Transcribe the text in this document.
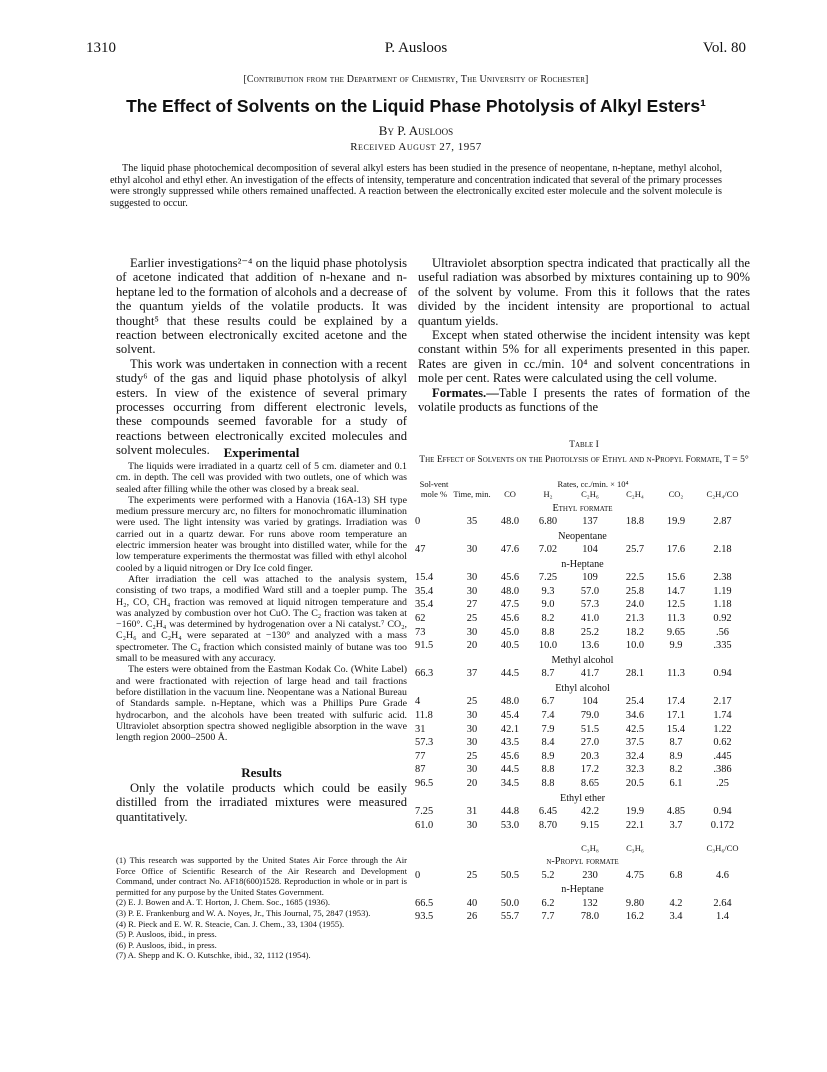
1310	P. Ausloos	Vol. 80
[Contribution from the Department of Chemistry, The University of Rochester]
The Effect of Solvents on the Liquid Phase Photolysis of Alkyl Esters¹
By P. Ausloos
Received August 27, 1957

The liquid phase photochemical decomposition of several alkyl esters has been studied in the presence of neopentane, n-heptane, methyl alcohol, ethyl alcohol and ethyl ether. An investigation of the effects of intensity, temperature and concentration indicated that several of the primary processes were strongly suppressed while others remained unaffected. A reaction between the electronically excited ester molecule and the solvent molecule is suggested to occur.

Earlier investigations²⁻⁴ on the liquid phase photolysis of acetone indicated that addition of n-hexane and n-heptane led to the formation of alcohols and a decrease of the quantum yields of the volatile products. It was thought⁵ that these results could be explained by a reaction between electronically excited acetone and the solvent.

This work was undertaken in connection with a recent study⁶ of the gas and liquid phase photolysis of alkyl esters. In view of the existence of several primary processes occurring from different electronic levels, these compounds seemed favorable for a study of reactions between electronically excited molecules and solvent molecules.	Experimental

The liquids were irradiated in a quartz cell of 5 cm. diameter and 0.1 cm. in depth. The cell was provided with two outlets, one of which was sealed after filling while the other was closed by a break seal.

The experiments were performed with a Hanovia (16A-13) SH type medium pressure mercury arc, no filters for monochromatic illumination were used. The light intensity was varied by gratings. Irradiation was carried out in a quartz dewar. For runs above room temperature an electric immersion heater was brought into distilled water, while for the low temperature experiments the thermostat was filled with ethyl alcohol cooled by a liquid nitrogen or Dry Ice cold finger.

After irradiation the cell was attached to the analysis system, consisting of two traps, a modified Ward still and a toepler pump. The H₂, CO, CH₄ fraction was removed at liquid nitrogen temperature and was analyzed by combustion over hot CuO. The C₂ fraction was taken at −160°. C₂H₄ was determined by hydrogenation over a Ni catalyst.⁷ CO₂, C₂H₆ and C₂H₄ were separated at −130° and analyzed with a mass spectrometer. The C₄ fraction which consisted mainly of butane was too small to be measured with any accuracy.

The esters were obtained from the Eastman Kodak Co. (White Label) and were fractionated with rejection of large head and tail fractions before distillation in the vacuum line. Neopentane was a National Bureau of Standards sample. n-Heptane, which was a Phillips Pure Grade hydrocarbon, and the alcohols have been treated with sulfuric acid. Ultraviolet absorption spectra showed negligible absorption in the wave length region 2000–2500 Å.

Results

Only the volatile products which could be easily distilled from the irradiated mixtures were measured quantitatively.

(1) This research was supported by the United States Air Force through the Air Force Office of Scientific Research of the Air Research and Development Command, under contract No. AF18(600)1528. Reproduction in whole or in part is permitted for any purpose by the United States Government.

(2) E. J. Bowen and A. T. Horton, J. Chem. Soc., 1685 (1936).

(3) P. E. Frankenburg and W. A. Noyes, Jr., This Journal, 75, 2847 (1953).

(4) R. Pieck and E. W. R. Steacie, Can. J. Chem., 33, 1304 (1955).

(5) P. Ausloos, ibid., in press.

(6) P. Ausloos, ibid., in press.

(7) A. Shepp and K. O. Kutschke, ibid., 32, 1112 (1954).

Ultraviolet absorption spectra indicated that practically all the useful radiation was absorbed by mixtures containing up to 90% of the solvent by volume. From this it follows that the rates divided by the incident intensity are proportional to actual quantum yields.

Except when stated otherwise the incident intensity was kept constant within 5% for all experiments presented in this paper. Rates are given in cc./min. 10⁴ and solvent concentrations in mole per cent. Rates were calculated using the cell volume.

Formates.—Table I presents the rates of formation of the volatile products as functions of the

Table I
The Effect of Solvents on the Photolysis of Ethyl and n-Propyl Formate, T = 5°
Sol-vent mole %	Time, min.	Rates, cc./min. × 10⁴					C₂H₄/CO
		CO	H₂	C₂H₆	C₂H₄	CO₂	
Ethyl formate							
0	35	48.0	6.80	137	18.8	19.9	2.87
Neopentane							
47	30	47.6	7.02	104	25.7	17.6	2.18
n-Heptane							
15.4	30	45.6	7.25	109	22.5	15.6	2.38
35.4	30	48.0	9.3	57.0	25.8	14.7	1.19
35.4	27	47.5	9.0	57.3	24.0	12.5	1.18
62	25	45.6	8.2	41.0	21.3	11.3	0.92
73	30	45.0	8.8	25.2	18.2	9.65	.56
91.5	20	40.5	10.0	13.6	10.0	9.9	.335
Methyl alcohol							
66.3	37	44.5	8.7	41.7	28.1	11.3	0.94
Ethyl alcohol							
4	25	48.0	6.7	104	25.4	17.4	2.17
11.8	30	45.4	7.4	79.0	34.6	17.1	1.74
31	30	42.1	7.9	51.5	42.5	15.4	1.22
57.3	30	43.5	8.4	27.0	37.5	8.7	0.62
77	25	45.6	8.9	20.3	32.4	8.9	.445
87	30	44.5	8.8	17.2	32.3	8.2	.386
96.5	20	34.5	8.8	8.65	20.5	6.1	.25
Ethyl ether							
7.25	31	44.8	6.45	42.2	19.9	4.85	0.94
61.0	30	53.0	8.70	9.15	22.1	3.7	0.172
				C₃H₈	C₃H₆		C₃H₆/CO
n-Propyl formate							
0	25	50.5	5.2	230	4.75	6.8	4.6
n-Heptane							
66.5	40	50.0	6.2	132	9.80	4.2	2.64
93.5	26	55.7	7.7	78.0	16.2	3.4	1.4
